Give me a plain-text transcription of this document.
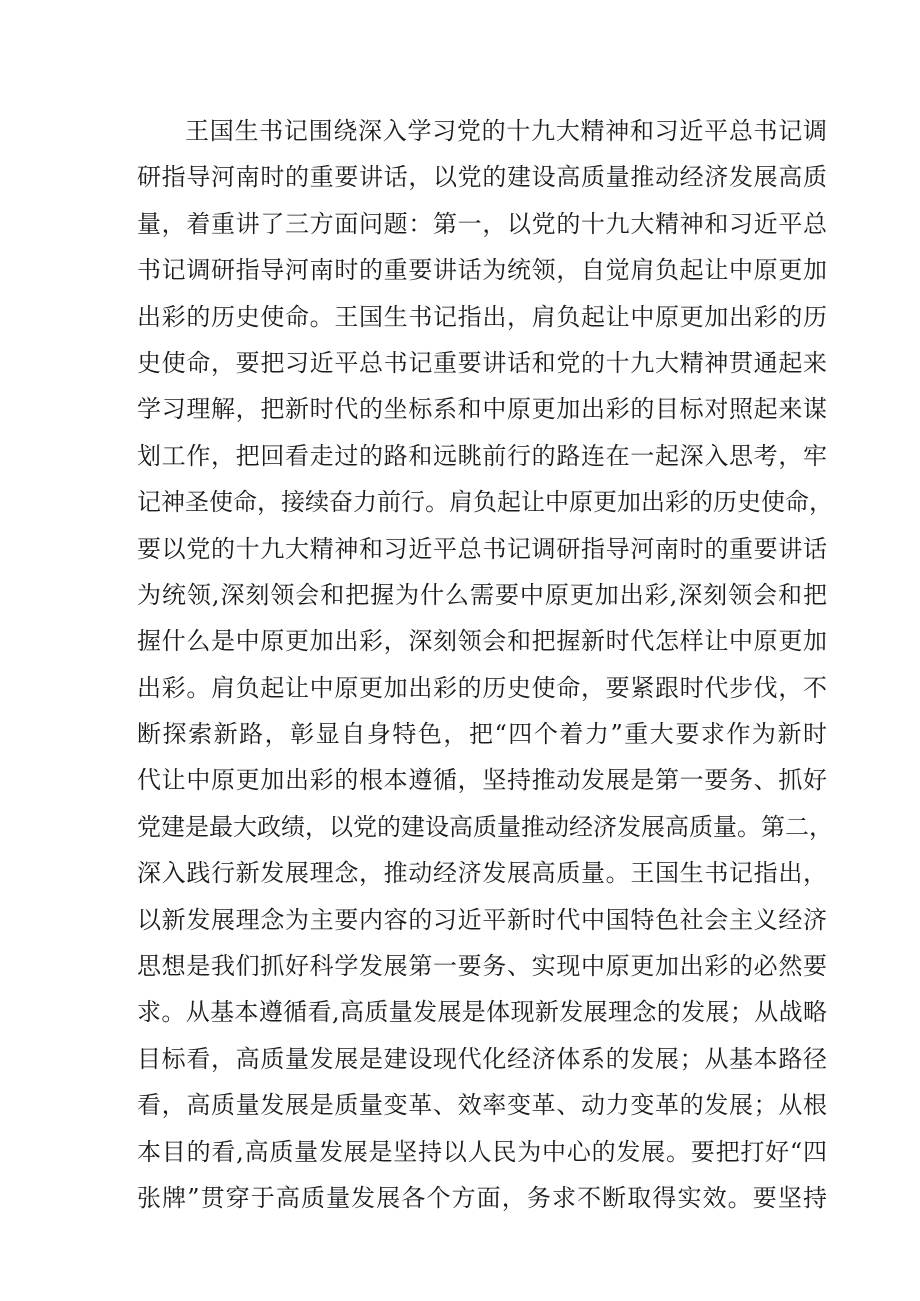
王国生书记围绕深入学习党的十九大精神和习近平总书记调
研指导河南时的重要讲话，以党的建设高质量推动经济发展高质
量，着重讲了三方面问题：第一，以党的十九大精神和习近平总
书记调研指导河南时的重要讲话为统领，自觉肩负起让中原更加
出彩的历史使命。王国生书记指出，肩负起让中原更加出彩的历
史使命，要把习近平总书记重要讲话和党的十九大精神贯通起来
学习理解，把新时代的坐标系和中原更加出彩的目标对照起来谋
划工作，把回看走过的路和远眺前行的路连在一起深入思考，牢
记神圣使命，接续奋力前行。肩负起让中原更加出彩的历史使命，
要以党的十九大精神和习近平总书记调研指导河南时的重要讲话
为统领,深刻领会和把握为什么需要中原更加出彩,深刻领会和把
握什么是中原更加出彩，深刻领会和把握新时代怎样让中原更加
出彩。肩负起让中原更加出彩的历史使命，要紧跟时代步伐，不
断探索新路，彰显自身特色，把“四个着力”重大要求作为新时
代让中原更加出彩的根本遵循，坚持推动发展是第一要务、抓好
党建是最大政绩，以党的建设高质量推动经济发展高质量。第二，
深入践行新发展理念，推动经济发展高质量。王国生书记指出，
以新发展理念为主要内容的习近平新时代中国特色社会主义经济
思想是我们抓好科学发展第一要务、实现中原更加出彩的必然要
求。从基本遵循看,高质量发展是体现新发展理念的发展；从战略
目标看，高质量发展是建设现代化经济体系的发展；从基本路径
看，高质量发展是质量变革、效率变革、动力变革的发展；从根
本目的看,高质量发展是坚持以人民为中心的发展。要把打好“四
张牌”贯穿于高质量发展各个方面，务求不断取得实效。要坚持
